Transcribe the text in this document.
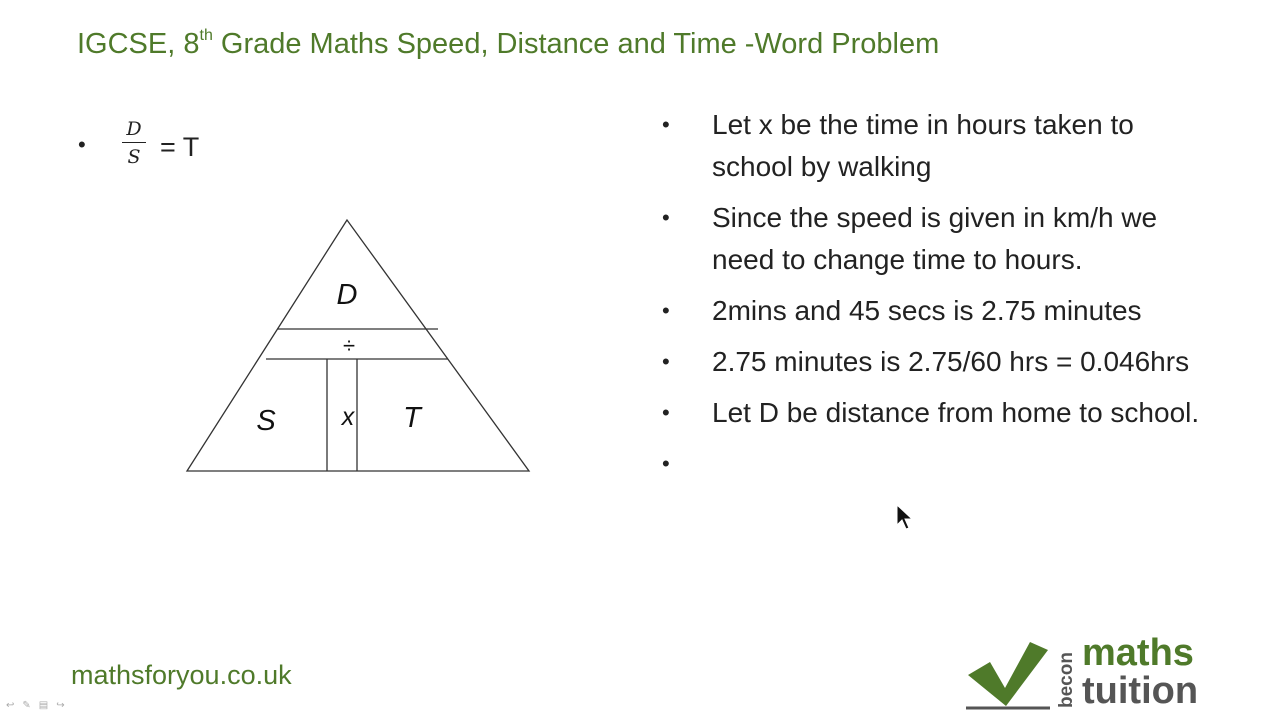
IGCSE, 8th Grade Maths Speed, Distance and Time -Word Problem
•
D
S = T
D
÷
S	x T
• Let x be the time in hours taken to school by walking
• Since the speed is given in km/h we need to change time to hours.
• 2mins and 45 secs is 2.75 minutes
• 2.75 minutes is 2.75/60 hrs = 0.046hrs
• Let D be distance from home to school.
•
mathsforyou.co.uk	becon maths
tuition
↩✎▤↪
